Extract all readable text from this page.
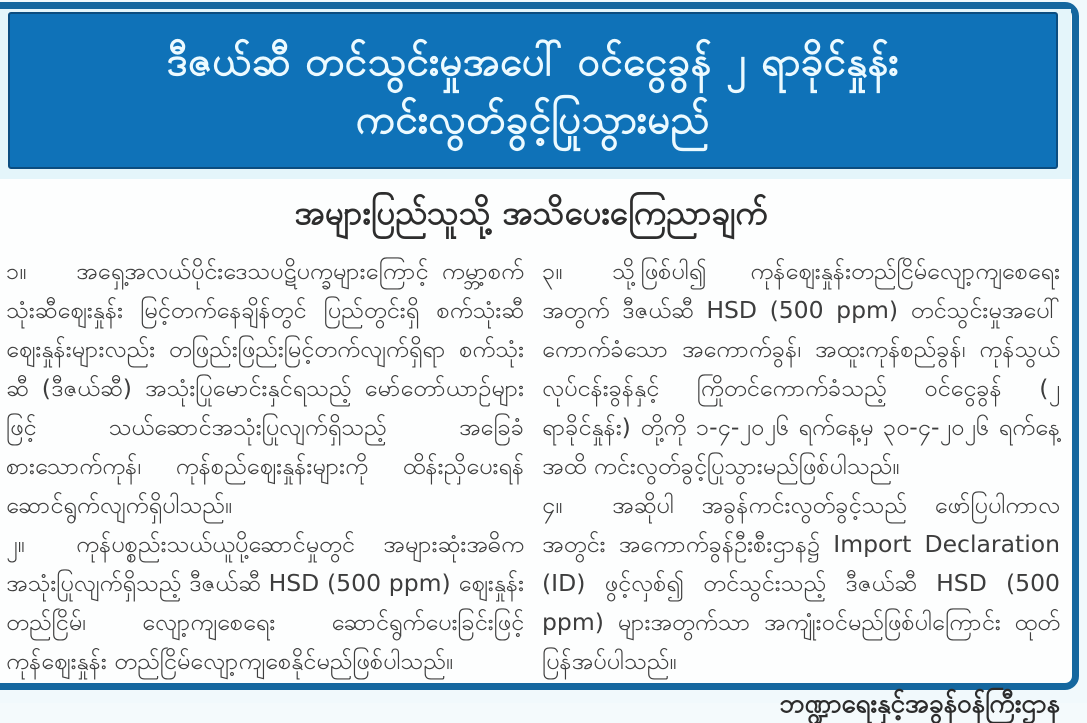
ဒီဇယ်ဆီ တင်သွင်းမှုအပေါ် ဝင်ငွေခွန် ၂ ရာခိုင်နှုန်း
ကင်းလွတ်ခွင့်ပြုသွားမည်
အများပြည်သူသို့ အသိပေးကြေညာချက်

၁။ အရှေ့အလယ်ပိုင်းဒေသပဋိပက္ခများကြောင့် ကမ္ဘာ့စက်သုံးဆီဈေးနှုန်း မြင့်တက်နေချိန်တွင် ပြည်တွင်းရှိ စက်သုံးဆီဈေးနှုန်းများလည်း တဖြည်းဖြည်းမြင့်တက်လျက်ရှိရာ စက်သုံးဆီ (ဒီဇယ်ဆီ) အသုံးပြုမောင်းနှင်ရသည့် မော်တော်ယာဉ်များဖြင့် သယ်ဆောင်အသုံးပြုလျက်ရှိသည့် အခြေခံစားသောက်ကုန်၊ ကုန်စည်ဈေးနှုန်းများကို ထိန်းညှိပေးရန် ဆောင်ရွက်လျက်ရှိပါသည်။

၂။ ကုန်ပစ္စည်းသယ်ယူပို့ဆောင်မှုတွင် အများဆုံးအဓိက အသုံးပြုလျက်ရှိသည့် ဒီဇယ်ဆီ HSD (500 ppm) ဈေးနှုန်း တည်ငြိမ်၊ လျော့ကျစေရေး ဆောင်ရွက်ပေးခြင်းဖြင့် ကုန်ဈေးနှုန်း တည်ငြိမ်လျော့ကျစေနိုင်မည်ဖြစ်ပါသည်။

၃။ သို့ဖြစ်ပါ၍ ကုန်ဈေးနှုန်းတည်ငြိမ်လျော့ကျစေရေး အတွက် ဒီဇယ်ဆီ HSD (500 ppm) တင်သွင်းမှုအပေါ် ကောက်ခံသော အကောက်ခွန်၊ အထူးကုန်စည်ခွန်၊ ကုန်သွယ်လုပ်ငန်းခွန်နှင့် ကြိုတင်ကောက်ခံသည့် ဝင်ငွေခွန် (၂ ရာခိုင်နှုန်း) တို့ကို ၁-၄-၂၀၂၆ ရက်နေ့မှ ၃၀-၄-၂၀၂၆ ရက်နေ့အထိ ကင်းလွတ်ခွင့်ပြုသွားမည်ဖြစ်ပါသည်။

၄။ အဆိုပါ အခွန်ကင်းလွတ်ခွင့်သည် ဖော်ပြပါကာလအတွင်း အကောက်ခွန်ဦးစီးဌာန၌ Import Declaration (ID) ဖွင့်လှစ်၍ တင်သွင်းသည့် ဒီဇယ်ဆီ HSD (500 ppm) များအတွက်သာ အကျုံးဝင်မည်ဖြစ်ပါကြောင်း ထုတ်ပြန်အပ်ပါသည်။

ဘဏ္ဍာရေးနှင့်အခွန်ဝန်ကြီးဌာန
